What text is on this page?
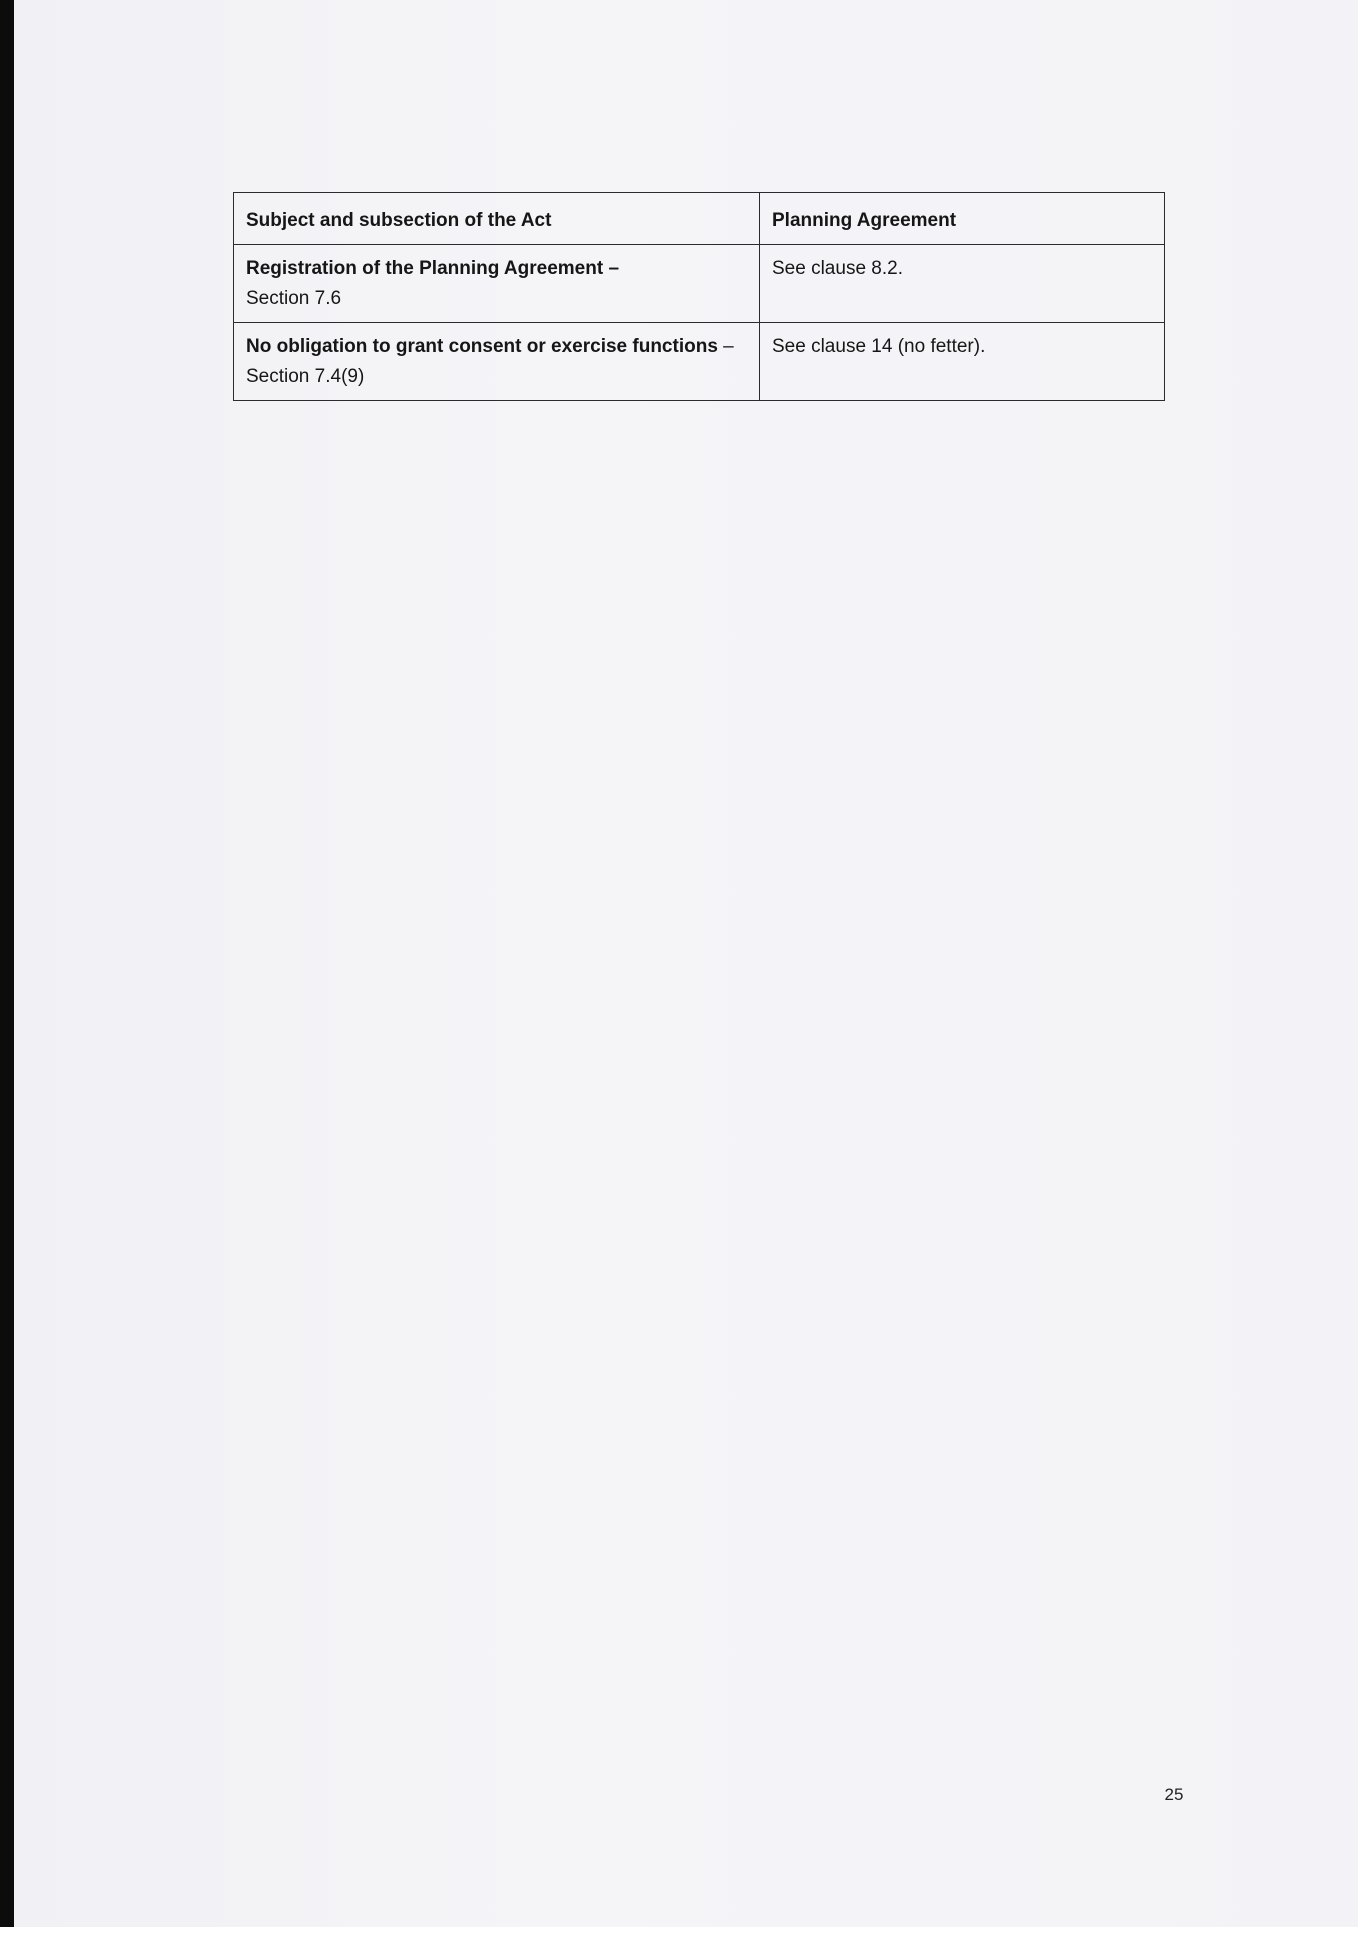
Subject and subsection of the Act	Planning Agreement
Registration of the Planning Agreement –
Section 7.6	See clause 8.2.
No obligation to grant consent or exercise functions – Section 7.4(9)	See clause 14 (no fetter).
25
